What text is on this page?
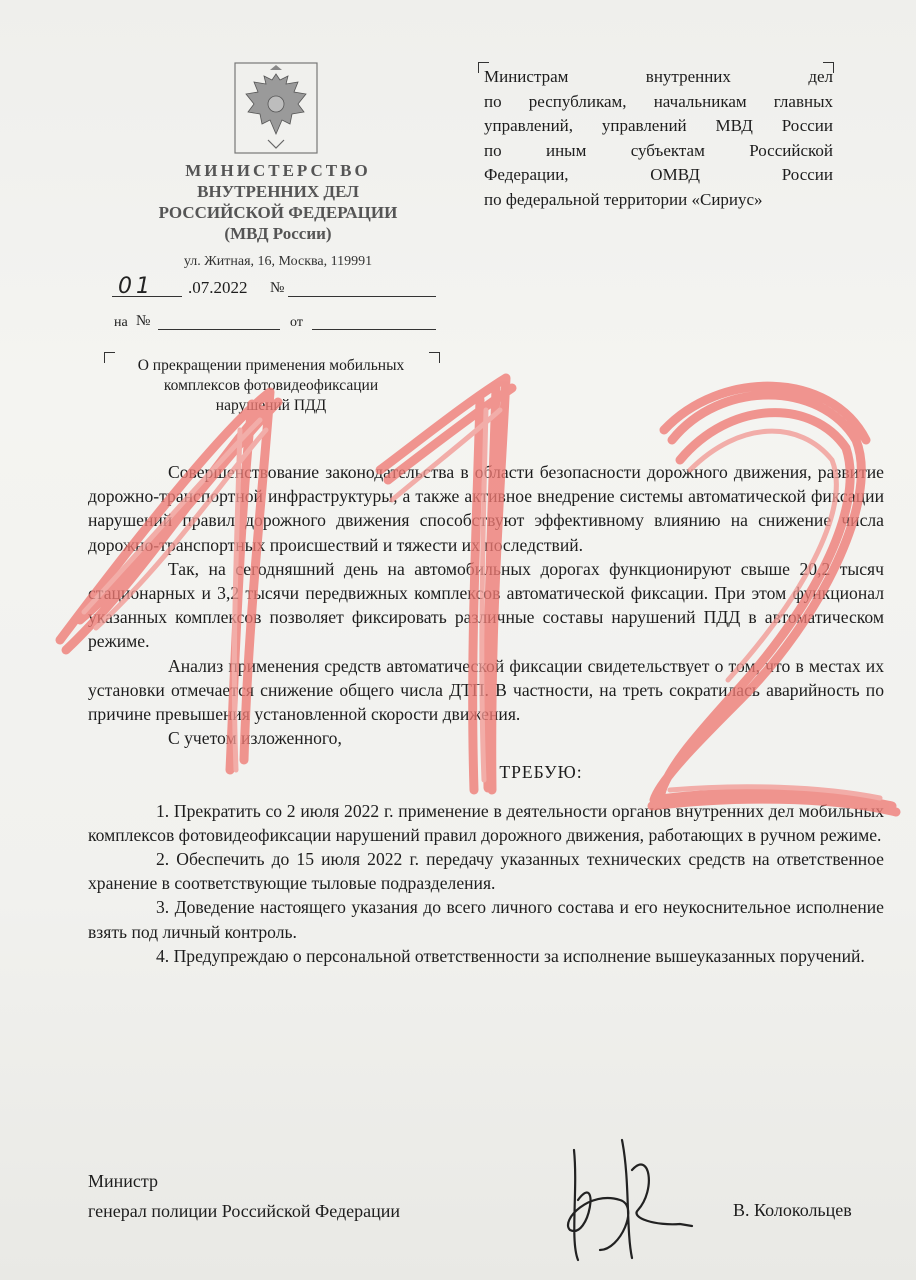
МИНИСТЕРСТВО
ВНУТРЕННИХ ДЕЛ
РОССИЙСКОЙ ФЕДЕРАЦИИ
(МВД России)
ул. Житная, 16, Москва, 119991
01 .07.2022 №
на №	от
О прекращении применения мобильных
комплексов фотовидеофиксации
нарушений ПДД
Министрам внутренних дел
по республикам, начальникам главных
управлений, управлений МВД России
по иным субъектам Российской
Федерации, ОМВД России
по федеральной территории «Сириус»

Совершенствование законодательства в области безопасности дорожного движения, развитие дорожно-транспортной инфраструктуры, а также активное внедрение системы автоматической фиксации нарушений правил дорожного движения способствуют эффективному влиянию на снижение числа дорожно-транспортных происшествий и тяжести их последствий.

Так, на сегодняшний день на автомобильных дорогах функционируют свыше 20,2 тысяч стационарных и 3,2 тысячи передвижных комплексов автоматической фиксации. При этом функционал указанных комплексов позволяет фиксировать различные составы нарушений ПДД в автоматическом режиме.

Анализ применения средств автоматической фиксации свидетельствует о том, что в местах их установки отмечается снижение общего числа ДТП. В частности, на треть сократилась аварийность по причине превышения установленной скорости движения.

С учетом изложенного,

ТРЕБУЮ:

1. Прекратить со 2 июля 2022 г. применение в деятельности органов внутренних дел мобильных комплексов фотовидеофиксации нарушений правил дорожного движения, работающих в ручном режиме.

2. Обеспечить до 15 июля 2022 г. передачу указанных технических средств на ответственное хранение в соответствующие тыловые подразделения.

3. Доведение настоящего указания до всего личного состава и его неукоснительное исполнение взять под личный контроль.

4. Предупреждаю о персональной ответственности за исполнение вышеуказанных поручений.

Министр
генерал полиции Российской Федерации	В. Колокольцев
